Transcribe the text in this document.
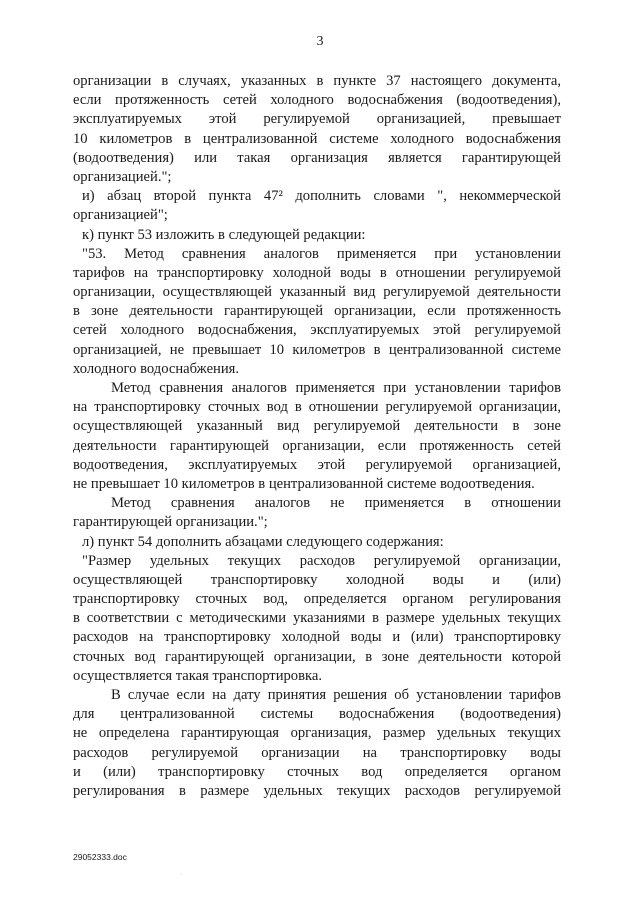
3
организации в случаях, указанных в пункте 37 настоящего документа,
если протяженность сетей холодного водоснабжения (водоотведения),
эксплуатируемых этой регулируемой организацией, превышает
10 километров в централизованной системе холодного водоснабжения
(водоотведения) или такая организация является гарантирующей
организацией.";
и) абзац второй пункта 47² дополнить словами ", некоммерческой
организацией";
к) пункт 53 изложить в следующей редакции:
"53. Метод сравнения аналогов применяется при установлении
тарифов на транспортировку холодной воды в отношении регулируемой
организации, осуществляющей указанный вид регулируемой деятельности
в зоне деятельности гарантирующей организации, если протяженность
сетей холодного водоснабжения, эксплуатируемых этой регулируемой
организацией, не превышает 10 километров в централизованной системе
холодного водоснабжения.
Метод сравнения аналогов применяется при установлении тарифов
на транспортировку сточных вод в отношении регулируемой организации,
осуществляющей указанный вид регулируемой деятельности в зоне
деятельности гарантирующей организации, если протяженность сетей
водоотведения, эксплуатируемых этой регулируемой организацией,
не превышает 10 километров в централизованной системе водоотведения.
Метод сравнения аналогов не применяется в отношении
гарантирующей организации.";
л) пункт 54 дополнить абзацами следующего содержания:
"Размер удельных текущих расходов регулируемой организации,
осуществляющей транспортировку холодной воды и (или)
транспортировку сточных вод, определяется органом регулирования
в соответствии с методическими указаниями в размере удельных текущих
расходов на транспортировку холодной воды и (или) транспортировку
сточных вод гарантирующей организации, в зоне деятельности которой
осуществляется такая транспортировка.
В случае если на дату принятия решения об установлении тарифов
для централизованной системы водоснабжения (водоотведения)
не определена гарантирующая организация, размер удельных текущих
расходов регулируемой организации на транспортировку воды
и (или) транспортировку сточных вод определяется органом
регулирования в размере удельных текущих расходов регулируемой
29052333.doc
·
